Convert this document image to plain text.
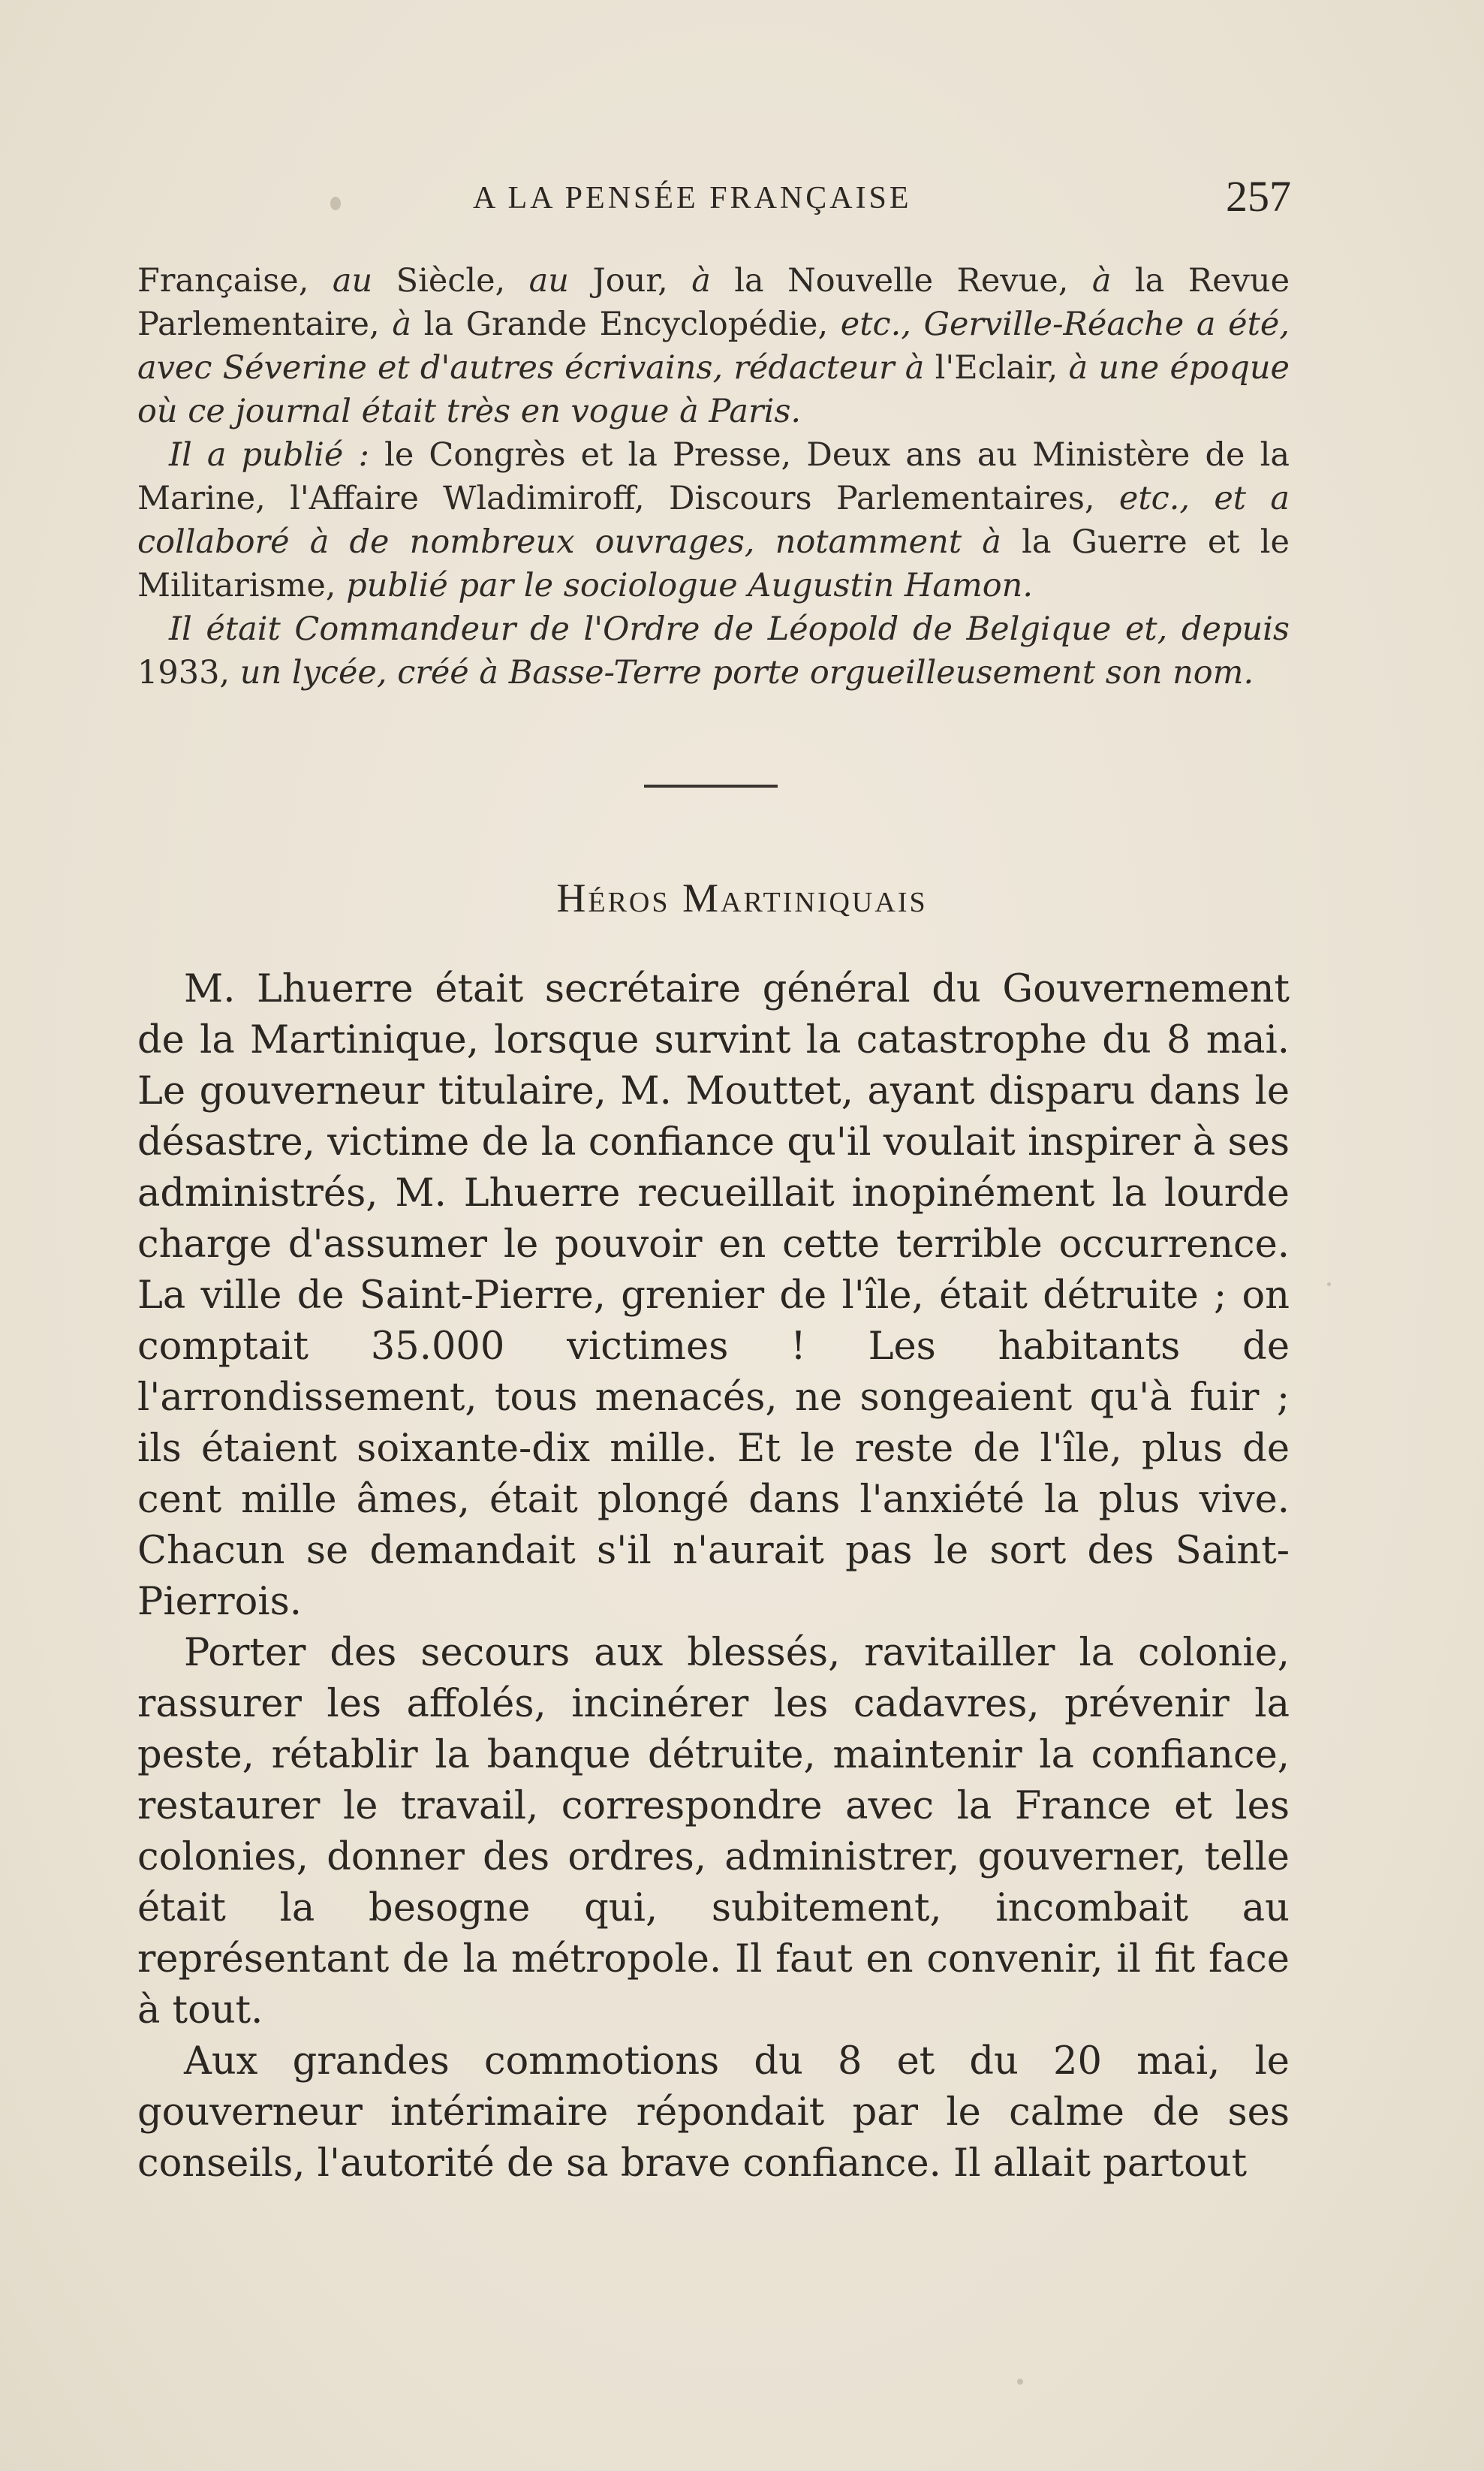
A LA PENSÉE FRANÇAISE	257

Française, au Siècle, au Jour, à la Nouvelle Revue, à la Revue Parlementaire, à la Grande Encyclopédie, etc., Gerville-Réache a été, avec Séverine et d'autres écrivains, rédacteur à l'Eclair, à une époque où ce journal était très en vogue à Paris.

Il a publié : le Congrès et la Presse, Deux ans au Ministère de la Marine, l'Affaire Wladimiroff, Discours Parlementaires, etc., et a collaboré à de nombreux ouvrages, notamment à la Guerre et le Militarisme, publié par le sociologue Augustin Hamon.

Il était Commandeur de l'Ordre de Léopold de Belgique et, depuis 1933, un lycée, créé à Basse-Terre porte orgueilleusement son nom.

Héros Martiniquais

M. Lhuerre était secrétaire général du Gouvernement de la Martinique, lorsque survint la catastrophe du 8 mai. Le gouverneur titulaire, M. Mouttet, ayant disparu dans le désastre, victime de la confiance qu'il voulait inspirer à ses administrés, M. Lhuerre recueillait inopinément la lourde charge d'assumer le pouvoir en cette terrible occurrence. La ville de Saint-Pierre, grenier de l'île, était détruite ; on comptait 35.000 victimes ! Les habitants de l'arrondissement, tous menacés, ne songeaient qu'à fuir ; ils étaient soixante-dix mille. Et le reste de l'île, plus de cent mille âmes, était plongé dans l'anxiété la plus vive. Chacun se demandait s'il n'aurait pas le sort des Saint-Pierrois.

Porter des secours aux blessés, ravitailler la colonie, rassurer les affolés, incinérer les cadavres, prévenir la peste, rétablir la banque détruite, maintenir la confiance, restaurer le travail, correspondre avec la France et les colonies, donner des ordres, administrer, gouverner, telle était la besogne qui, subitement, incombait au représentant de la métropole. Il faut en convenir, il fit face à tout.

Aux grandes commotions du 8 et du 20 mai, le gouverneur intérimaire répondait par le calme de ses conseils, l'autorité de sa brave confiance. Il allait partout
